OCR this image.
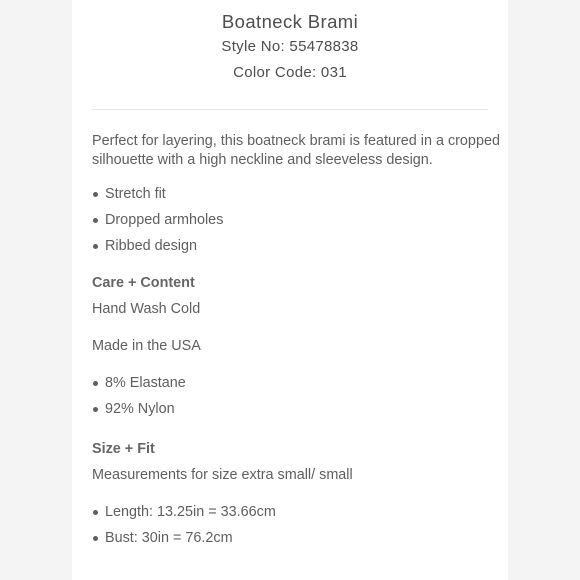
Boatneck Brami
Style No: 55478838
Color Code: 031

Perfect for layering, this boatneck brami is featured in a cropped silhouette with a high neckline and sleeveless design.

Stretch fit
Dropped armholes
Ribbed design
Care + Content
Hand Wash Cold
Made in the USA
8% Elastane
92% Nylon
Size + Fit
Measurements for size extra small/ small
Length: 13.25in = 33.66cm
Bust: 30in = 76.2cm
